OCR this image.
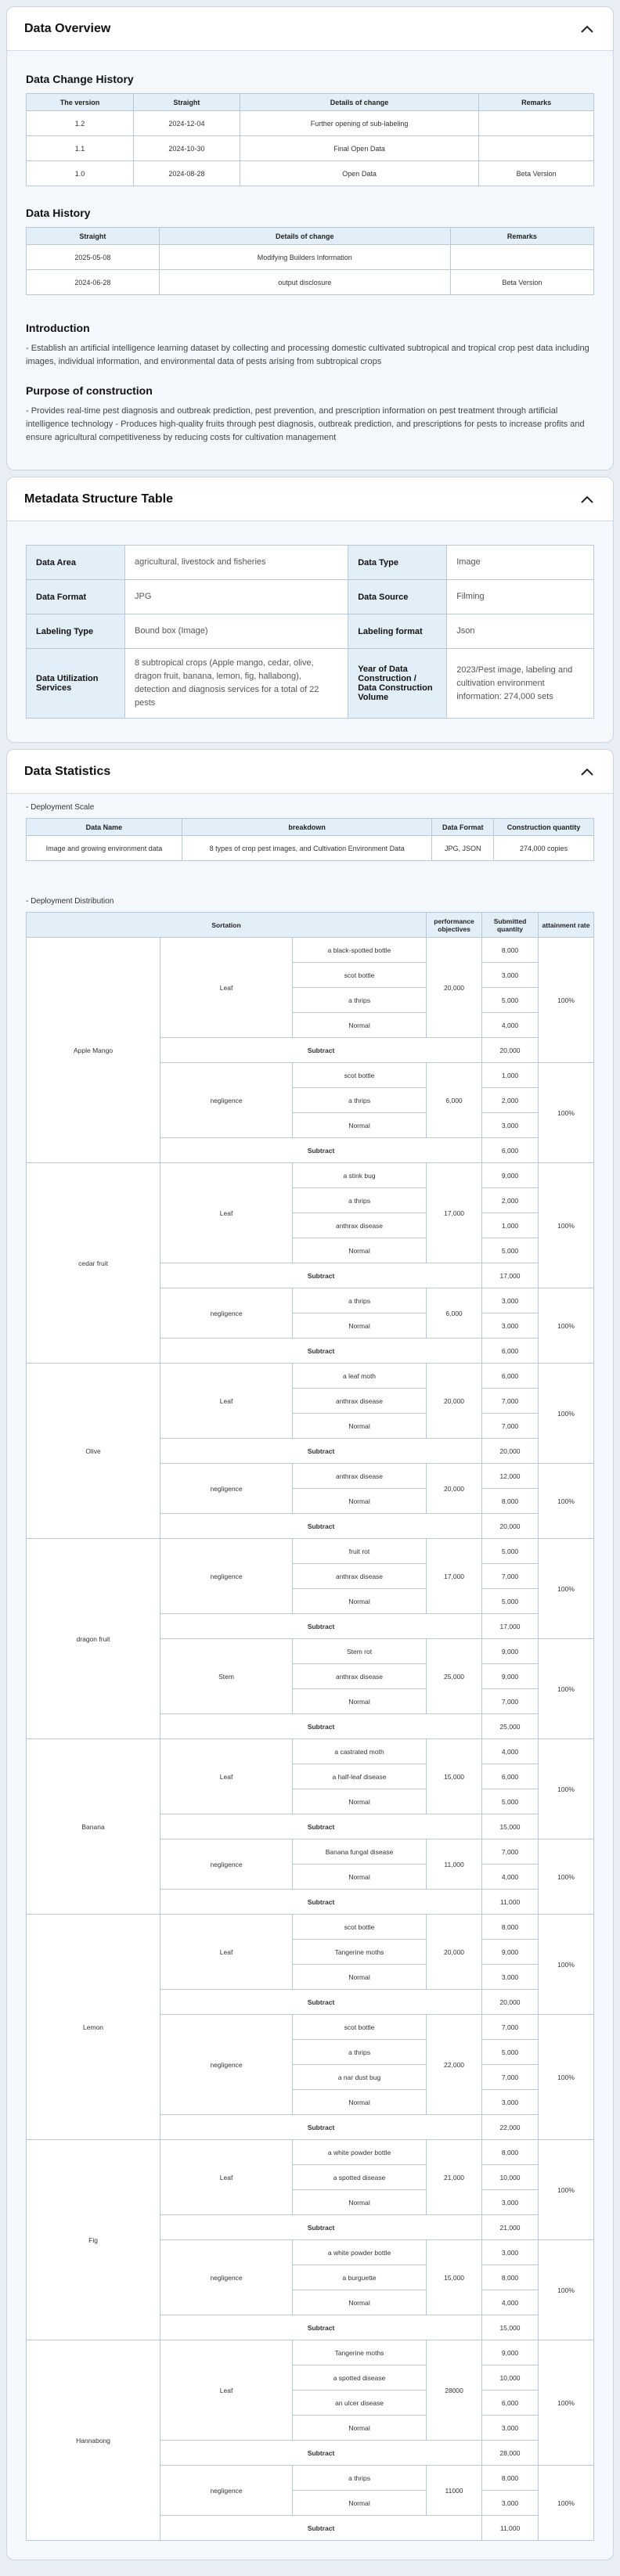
Data Overview
Data Change History
The version	Straight	Details of change	Remarks
1.2	2024-12-04	Further opening of sub-labeling	
1.1	2024-10-30	Final Open Data	
1.0	2024-08-28	Open Data	Beta Version
Data History
Straight	Details of change	Remarks
2025-05-08	Modifying Builders Information	
2024-06-28	output disclosure	Beta Version
Introduction

- Establish an artificial intelligence learning dataset by collecting and processing domestic cultivated subtropical and tropical crop pest data including images, individual information, and environmental data of pests arising from subtropical crops

Purpose of construction

- Provides real-time pest diagnosis and outbreak prediction, pest prevention, and prescription information on pest treatment through artificial intelligence technology - Produces high-quality fruits through pest diagnosis, outbreak prediction, and prescriptions for pests to increase profits and ensure agricultural competitiveness by reducing costs for cultivation management

Metadata Structure Table
Data Area	agricultural, livestock and fisheries	Data Type	Image
Data Format	JPG	Data Source	Filming
Labeling Type	Bound box (Image)	Labeling format	Json
Data Utilization Services	8 subtropical crops (Apple mango, cedar, olive, dragon fruit, banana, lemon, fig, hallabong), detection and diagnosis services for a total of 22 pests	Year of Data Construction / Data Construction Volume	2023/Pest image, labeling and cultivation environment information: 274,000 sets
Data Statistics
- Deployment Scale
Data Name	breakdown	Data Format	Construction quantity
Image and growing environment data	8 types of crop pest images, and Cultivation Environment Data	JPG, JSON	274,000 copies
- Deployment Distribution
Sortation			performance objectives	Submitted quantity	attainment rate
Apple Mango	Leaf	a black-spotted bottle	20,000	8,000	100%
		scot bottle		3,000	
		a thrips		5,000	
		Normal		4,000	
	Subtract			20,000	
	negligence	scot bottle	6,000	1,000	100%
		a thrips		2,000	
		Normal		3,000	
	Subtract			6,000	
cedar fruit	Leaf	a stink bug	17,000	9,000	100%
		a thrips		2,000	
		anthrax disease		1,000	
		Normal		5,000	
	Subtract			17,000	
	negligence	a thrips	6,000	3,000	100%
		Normal		3,000	
	Subtract			6,000	
Olive	Leaf	a leaf moth	20,000	6,000	100%
		anthrax disease		7,000	
		Normal		7,000	
	Subtract			20,000	
	negligence	anthrax disease	20,000	12,000	100%
		Normal		8,000	
	Subtract			20,000	
dragon fruit	negligence	fruit rot	17,000	5,000	100%
		anthrax disease		7,000	
		Normal		5,000	
	Subtract			17,000	
	Stem	Stem rot	25,000	9,000	100%
		anthrax disease		9,000	
		Normal		7,000	
	Subtract			25,000	
Banana	Leaf	a castrated moth	15,000	4,000	100%
		a half-leaf disease		6,000	
		Normal		5,000	
	Subtract			15,000	
	negligence	Banana fungal disease	11,000	7,000	100%
		Normal		4,000	
	Subtract			11,000	
Lemon	Leaf	scot bottle	20,000	8,000	100%
		Tangerine moths		9,000	
		Normal		3,000	
	Subtract			20,000	
	negligence	scot bottle	22,000	7,000	100%
		a thrips		5,000	
		a nar dust bug		7,000	
		Normal		3,000	
	Subtract			22,000	
Fig	Leaf	a white powder bottle	21,000	8,000	100%
		a spotted disease		10,000	
		Normal		3,000	
	Subtract			21,000	
	negligence	a white powder bottle	15,000	3,000	100%
		a burguette		8,000	
		Normal		4,000	
	Subtract			15,000	
Hannabong	Leaf	Tangerine moths	28000	9,000	100%
		a spotted disease		10,000	
		an ulcer disease		6,000	
		Normal		3,000	
	Subtract			28,000	
	negligence	a thrips	11000	8,000	100%
		Normal		3,000	
	Subtract			11,000	
